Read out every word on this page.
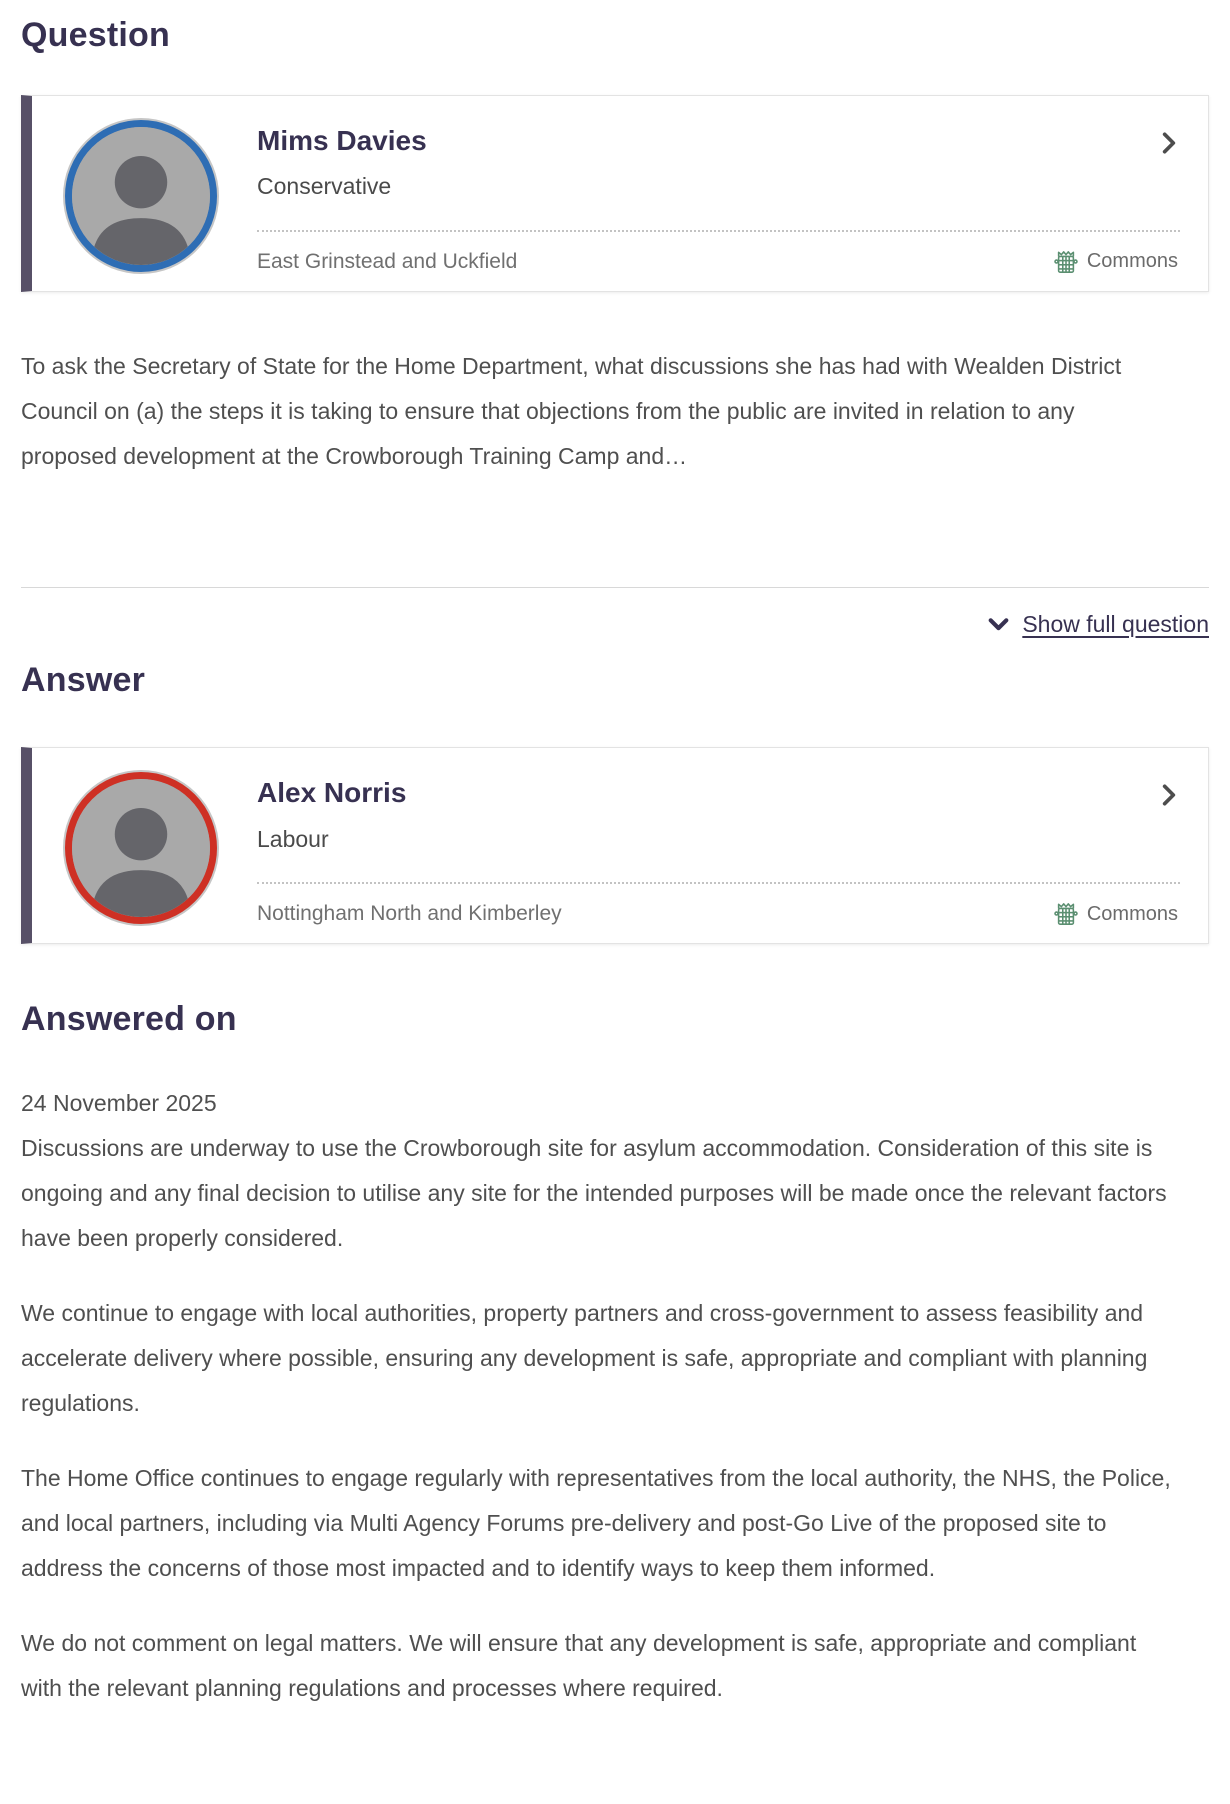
Question
Mims Davies
Conservative
East Grinstead and Uckfield	Commons

To ask the Secretary of State for the Home Department, what discussions she has had with Wealden District Council on (a) the steps it is taking to ensure that objections from the public are invited in relation to any proposed development at the Crowborough Training Camp and…

Show full question
Answer
Alex Norris
Labour
Nottingham North and Kimberley	Commons
Answered on

24 November 2025

Discussions are underway to use the Crowborough site for asylum accommodation. Consideration of this site is ongoing and any final decision to utilise any site for the intended purposes will be made once the relevant factors have been properly considered.

We continue to engage with local authorities, property partners and cross-government to assess feasibility and accelerate delivery where possible, ensuring any development is safe, appropriate and compliant with planning regulations.

The Home Office continues to engage regularly with representatives from the local authority, the NHS, the Police, and local partners, including via Multi Agency Forums pre-delivery and post-Go Live of the proposed site to address the concerns of those most impacted and to identify ways to keep them informed.

We do not comment on legal matters. We will ensure that any development is safe, appropriate and compliant with the relevant planning regulations and processes where required.
